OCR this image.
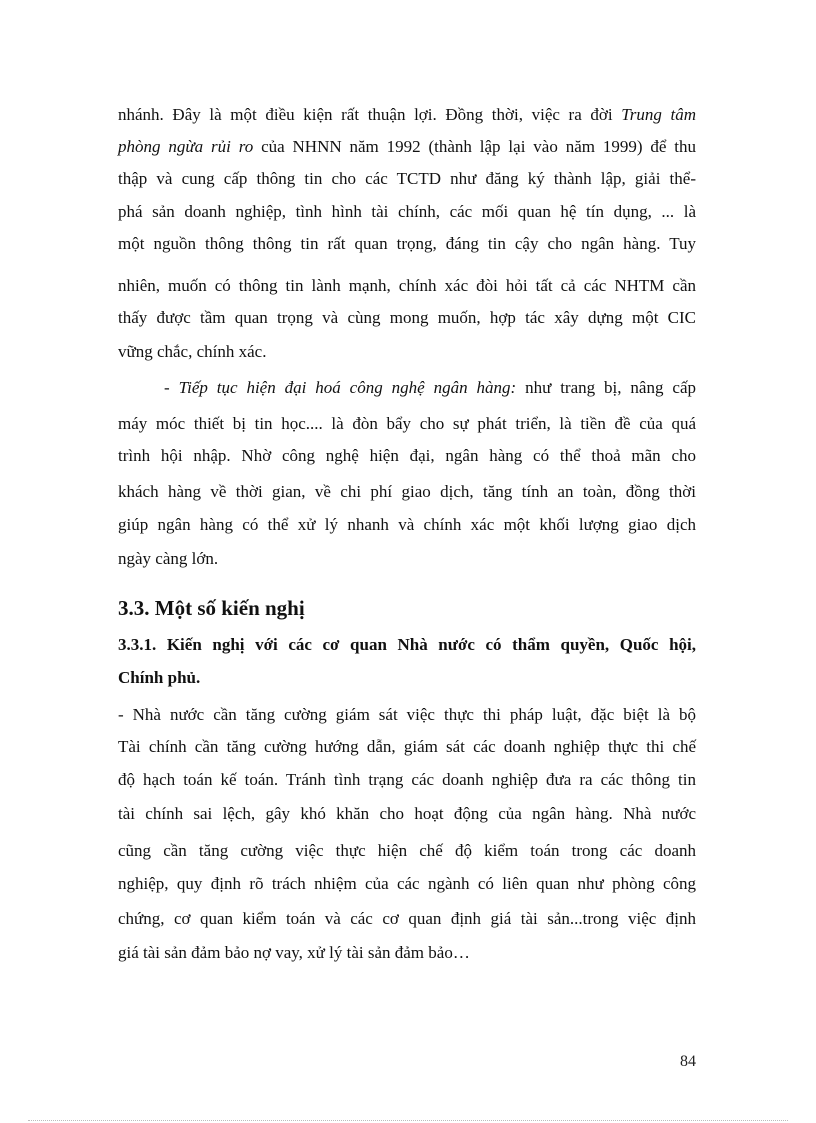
nhánh. Đây là một điều kiện rất thuận lợi. Đồng thời, việc ra đời Trung tâm
phòng ngừa rủi ro của NHNN năm 1992 (thành lập lại vào năm 1999) để thu
thập và cung cấp thông tin cho các TCTD như đăng ký thành lập, giải thể-
phá sản doanh nghiệp, tình hình tài chính, các mối quan hệ tín dụng, ... là
một nguồn thông thông tin rất quan trọng, đáng tin cậy cho ngân hàng. Tuy
nhiên, muốn có thông tin lành mạnh, chính xác đòi hỏi tất cả các NHTM cần
thấy được tầm quan trọng và cùng mong muốn, hợp tác xây dựng một CIC
vững chắc, chính xác.
- Tiếp tục hiện đại hoá công nghệ ngân hàng: như trang bị, nâng cấp
máy móc thiết bị tin học.... là đòn bẩy cho sự phát triển, là tiền đề của quá
trình hội nhập. Nhờ công nghệ hiện đại, ngân hàng có thể thoả mãn cho
khách hàng về thời gian, về chi phí giao dịch, tăng tính an toàn, đồng thời
giúp ngân hàng có thể xử lý nhanh và chính xác một khối lượng giao dịch
ngày càng lớn.
3.3. Một số kiến nghị
3.3.1. Kiến nghị với các cơ quan Nhà nước có thẩm quyền, Quốc hội,
Chính phủ.
- Nhà nước cần tăng cường giám sát việc thực thi pháp luật, đặc biệt là bộ
Tài chính cần tăng cường hướng dẫn, giám sát các doanh nghiệp thực thi chế
độ hạch toán kế toán. Tránh tình trạng các doanh nghiệp đưa ra các thông tin
tài chính sai lệch, gây khó khăn cho hoạt động của ngân hàng. Nhà nước
cũng cần tăng cường việc thực hiện chế độ kiểm toán trong các doanh
nghiệp, quy định rõ trách nhiệm của các ngành có liên quan như phòng công
chứng, cơ quan kiểm toán và các cơ quan định giá tài sản...trong việc định
giá tài sản đảm bảo nợ vay, xử lý tài sản đảm bảo…
84
